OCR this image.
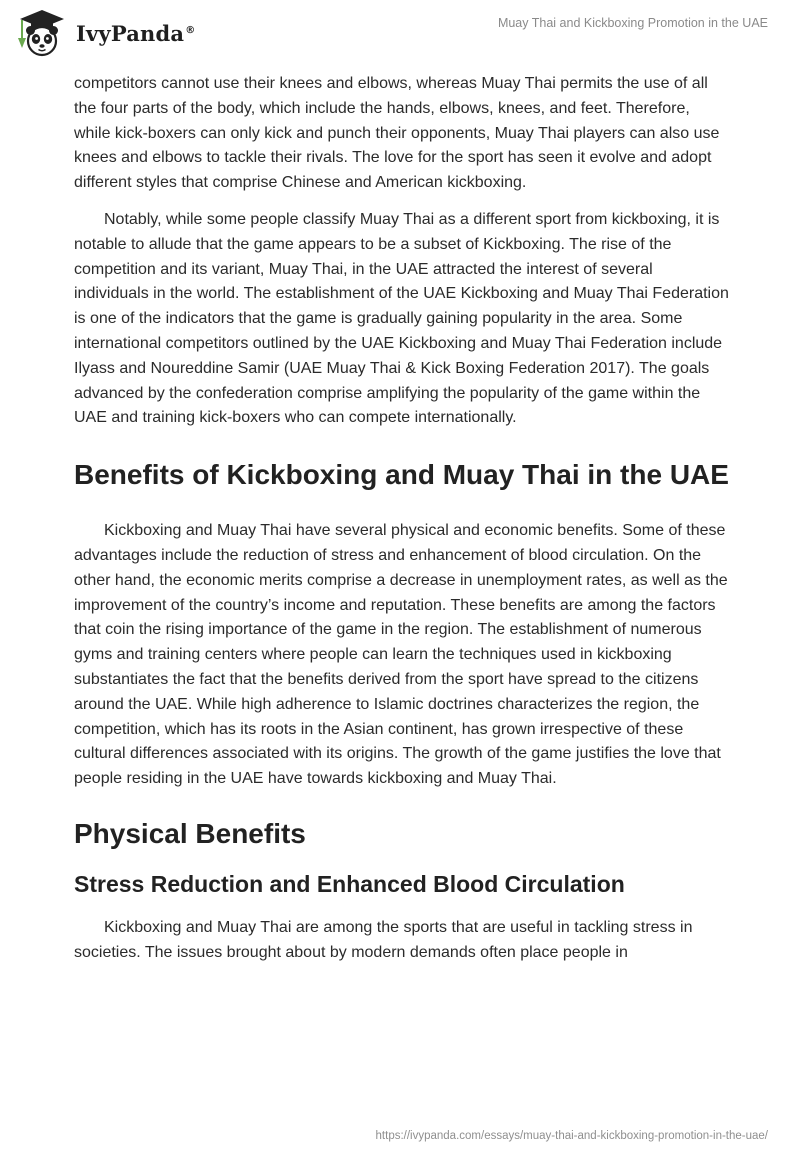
IvyPanda®	Muay Thai and Kickboxing Promotion in the UAE

competitors cannot use their knees and elbows, whereas Muay Thai permits the use of all the four parts of the body, which include the hands, elbows, knees, and feet. Therefore, while kick-boxers can only kick and punch their opponents, Muay Thai players can also use knees and elbows to tackle their rivals. The love for the sport has seen it evolve and adopt different styles that comprise Chinese and American kickboxing.

Notably, while some people classify Muay Thai as a different sport from kickboxing, it is notable to allude that the game appears to be a subset of Kickboxing. The rise of the competition and its variant, Muay Thai, in the UAE attracted the interest of several individuals in the world. The establishment of the UAE Kickboxing and Muay Thai Federation is one of the indicators that the game is gradually gaining popularity in the area. Some international competitors outlined by the UAE Kickboxing and Muay Thai Federation include Ilyass and Noureddine Samir (UAE Muay Thai & Kick Boxing Federation 2017). The goals advanced by the confederation comprise amplifying the popularity of the game within the UAE and training kick-boxers who can compete internationally.

Benefits of Kickboxing and Muay Thai in the UAE

Kickboxing and Muay Thai have several physical and economic benefits. Some of these advantages include the reduction of stress and enhancement of blood circulation. On the other hand, the economic merits comprise a decrease in unemployment rates, as well as the improvement of the country’s income and reputation. These benefits are among the factors that coin the rising importance of the game in the region. The establishment of numerous gyms and training centers where people can learn the techniques used in kickboxing substantiates the fact that the benefits derived from the sport have spread to the citizens around the UAE. While high adherence to Islamic doctrines characterizes the region, the competition, which has its roots in the Asian continent, has grown irrespective of these cultural differences associated with its origins. The growth of the game justifies the love that people residing in the UAE have towards kickboxing and Muay Thai.

Physical Benefits
Stress Reduction and Enhanced Blood Circulation

Kickboxing and Muay Thai are among the sports that are useful in tackling stress in societies. The issues brought about by modern demands often place people in

https://ivypanda.com/essays/muay-thai-and-kickboxing-promotion-in-the-uae/
